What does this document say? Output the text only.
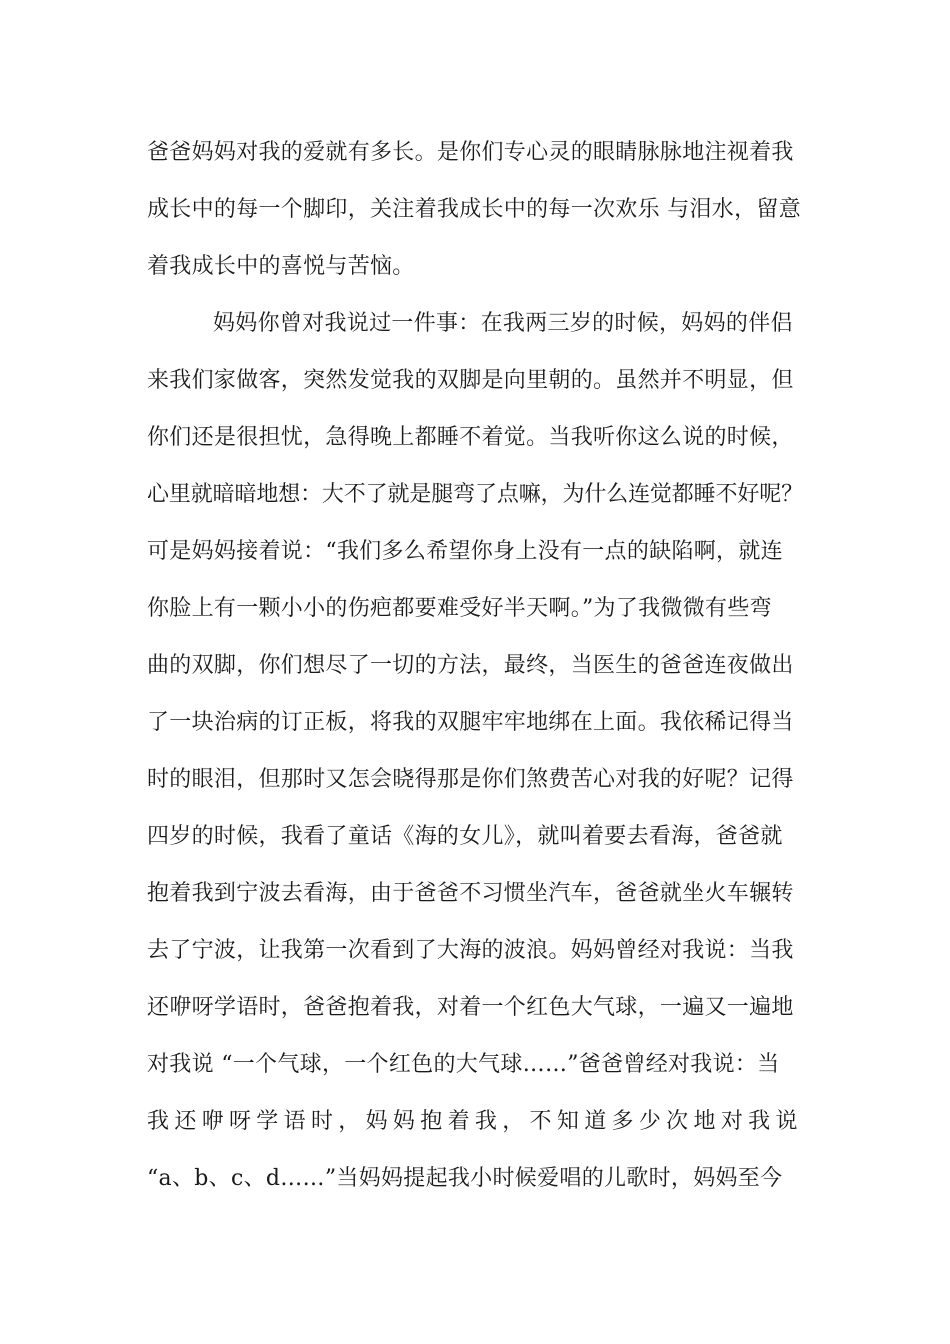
爸爸妈妈对我的爱就有多长。是你们专心灵的眼睛脉脉地注视着我
成长中的每一个脚印，关注着我成长中的每一次欢乐 与泪水，留意
着我成长中的喜悦与苦恼。
妈妈你曾对我说过一件事：在我两三岁的时候，妈妈的伴侣
来我们家做客，突然发觉我的双脚是向里朝的。虽然并不明显，但
你们还是很担忧，急得晚上都睡不着觉。当我听你这么说的时候，
心里就暗暗地想：大不了就是腿弯了点嘛，为什么连觉都睡不好呢？
可是妈妈接着说：“我们多么希望你身上没有一点的缺陷啊，就连
你脸上有一颗小小的伤疤都要难受好半天啊。”为了我微微有些弯
曲的双脚，你们想尽了一切的方法，最终，当医生的爸爸连夜做出
了一块治病的订正板，将我的双腿牢牢地绑在上面。我依稀记得当
时的眼泪，但那时又怎会晓得那是你们煞费苦心对我的好呢？记得
四岁的时候，我看了童话《海的女儿》，就叫着要去看海，爸爸就
抱着我到宁波去看海，由于爸爸不习惯坐汽车，爸爸就坐火车辗转
去了宁波，让我第一次看到了大海的波浪。妈妈曾经对我说：当我
还咿呀学语时，爸爸抱着我，对着一个红色大气球，一遍又一遍地
对我说 “一个气球，一个红色的大气球……”爸爸曾经对我说：当
我还咿呀学语时，妈妈抱着我，不知道多少次地对我说
“a、b、c、d……”当妈妈提起我小时候爱唱的儿歌时，妈妈至今
